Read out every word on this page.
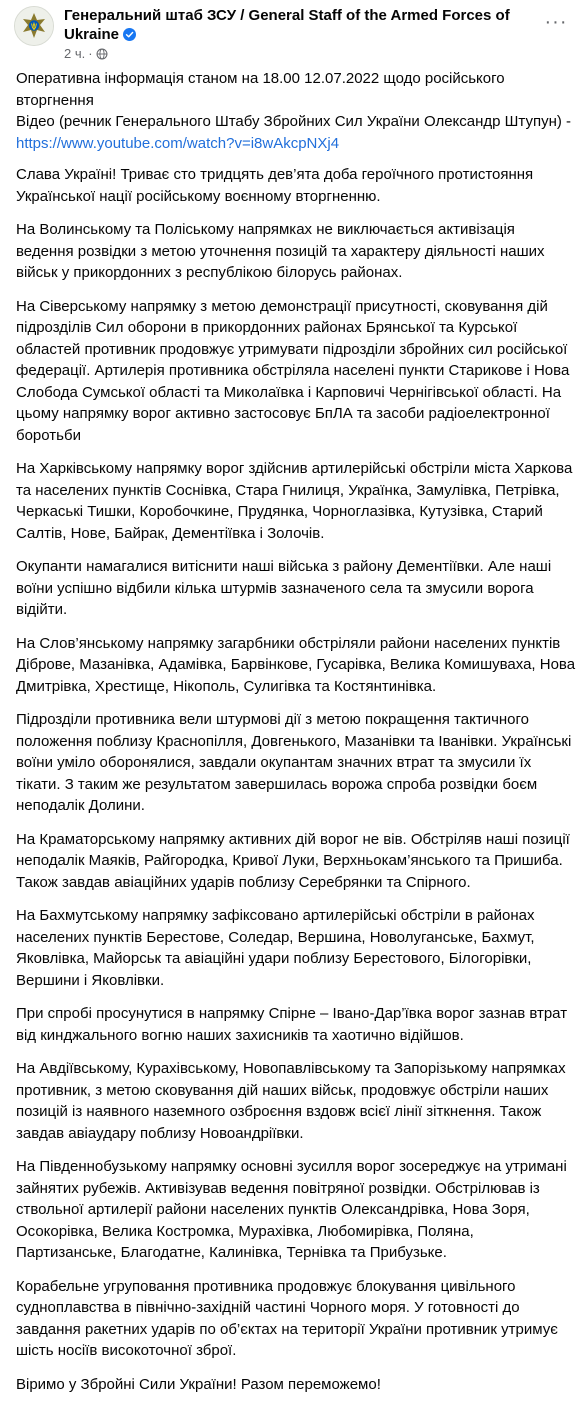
Генеральний штаб ЗСУ / General Staff of the Armed Forces of Ukraine
2 ч. ·
···

Оперативна інформація станом на 18.00 12.07.2022 щодо російського вторгнення
Відео (речник Генерального Штабу Збройних Сил України Олександр Штупун) -
https://www.youtube.com/watch?v=i8wAkcpNXj4

Слава Україні! Триває сто тридцять дев’ята доба героїчного протистояння Української нації російському воєнному вторгненню.

На Волинському та Поліському напрямках не виключається активізація ведення розвідки з метою уточнення позицій та характеру діяльності наших військ у прикордонних з республікою білорусь районах.

На Сіверському напрямку з метою демонстрації присутності, сковування дій підрозділів Сил оборони в прикордонних районах Брянської та Курської областей противник продовжує утримувати підрозділи збройних сил російської федерації. Артилерія противника обстріляла населені пункти Старикове і Нова Слобода Сумської області та Миколаївка і Карповичі Чернігівської області. На цьому напрямку ворог активно застосовує БпЛА та засоби радіоелектронної боротьби

На Харківському напрямку ворог здійснив артилерійські обстріли міста Харкова та населених пунктів Соснівка, Стара Гнилиця, Українка, Замулівка, Петрівка, Черкаські Тишки, Коробочкине, Прудянка, Чорноглазівка, Кутузівка, Старий Салтів, Нове, Байрак, Дементіївка і Золочів.

Окупанти намагалися витіснити наші війська з району Дементіївки. Але наші воїни успішно відбили кілька штурмів зазначеного села та змусили ворога відійти.

На Слов’янському напрямку загарбники обстріляли райони населених пунктів Діброве, Мазанівка, Адамівка, Барвінкове, Гусарівка, Велика Комишуваха, Нова Дмитрівка, Хрестище, Нікополь, Сулигівка та Костянтинівка.

Підрозділи противника вели штурмові дії з метою покращення тактичного положення поблизу Краснопілля, Довгенького, Мазанівки та Іванівки. Українські воїни уміло оборонялися, завдали окупантам значних втрат та змусили їх тікати. З таким же результатом завершилась ворожа спроба розвідки боєм неподалік Долини.

На Краматорському напрямку активних дій ворог не вів. Обстріляв наші позиції неподалік Маяків, Райгородка, Кривої Луки, Верхньокам’янського та Пришиба. Також завдав авіаційних ударів поблизу Серебрянки та Спірного.

На Бахмутському напрямку зафіксовано артилерійські обстріли в районах населених пунктів Берестове, Соледар, Вершина, Новолуганське, Бахмут, Яковлівка, Майорськ та авіаційні удари поблизу Берестового, Білогорівки, Вершини і Яковлівки.

При спробі просунутися в напрямку Спірне – Івано-Дар’ївка ворог зазнав втрат від кинджального вогню наших захисників та хаотично відійшов.

На Авдіївському, Курахівському, Новопавлівському та Запорізькому напрямках противник, з метою сковування дій наших військ, продовжує обстріли наших позицій із наявного наземного озброєння вздовж всієї лінії зіткнення. Також завдав авіаудару поблизу Новоандріївки.

На Південнобузькому напрямку основні зусилля ворог зосереджує на утримані зайнятих рубежів. Активізував ведення повітряної розвідки. Обстрілював із ствольної артилерії райони населених пунктів Олександрівка, Нова Зоря, Осокорівка, Велика Костромка, Мурахівка, Любомирівка, Поляна, Партизанське, Благодатне, Калинівка, Тернівка та Прибузьке.

Корабельне угруповання противника продовжує блокування цивільного судноплавства в північно-західній частині Чорного моря. У готовності до завдання ракетних ударів по об’єктах на території України противник утримує шість носіїв високоточної зброї.

Віримо у Збройні Сили України! Разом переможемо!
